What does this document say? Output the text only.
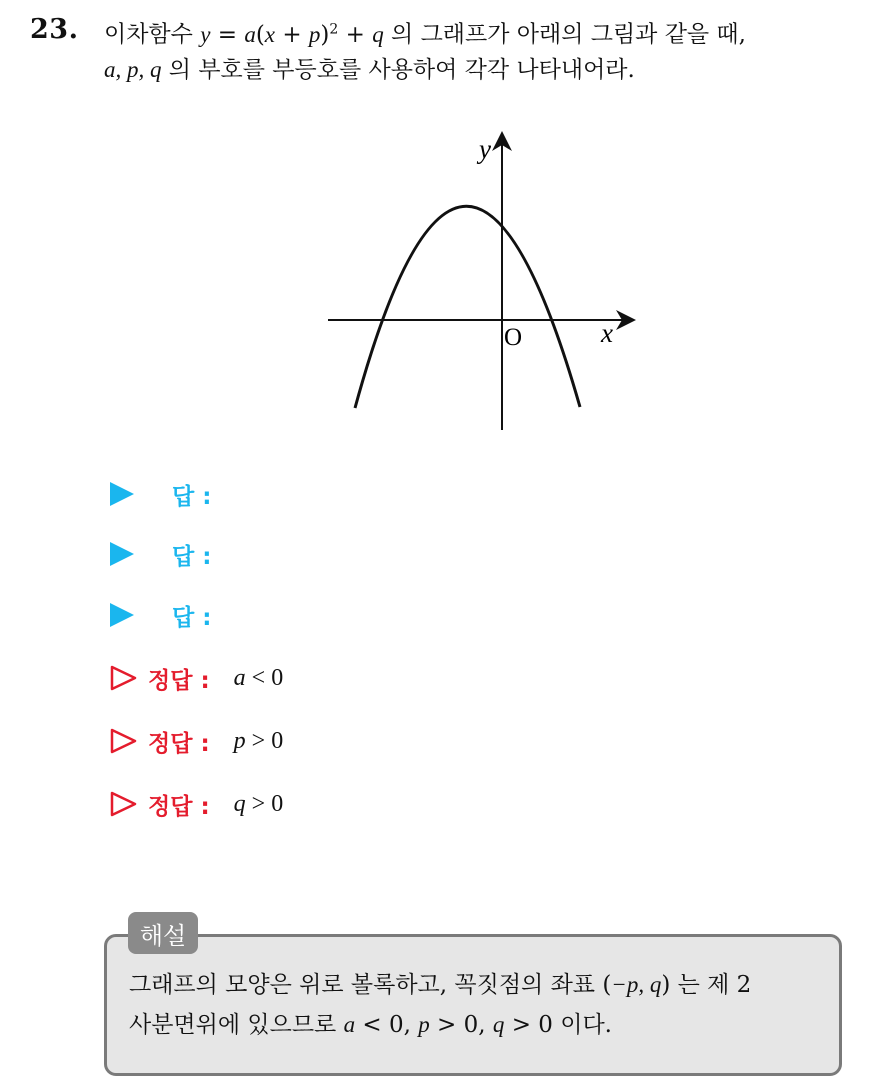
23. 이차함수 $y = a(x + p)^2 + q$ 의 그래프가 아래의 그림과 같을 때,
a, p, q 의 부호를 부등호를 사용하여 각각 나타내어라.
y
x
O
답 :
답 :
답 :
정답 : a < 0
정답 : p > 0
정답 : q > 0
해설
그래프의 모양은 위로 볼록하고, 꼭짓점의 좌표 (−p, q) 는 제 2
사분면위에 있으므로 a < 0, p > 0, q > 0 이다.
